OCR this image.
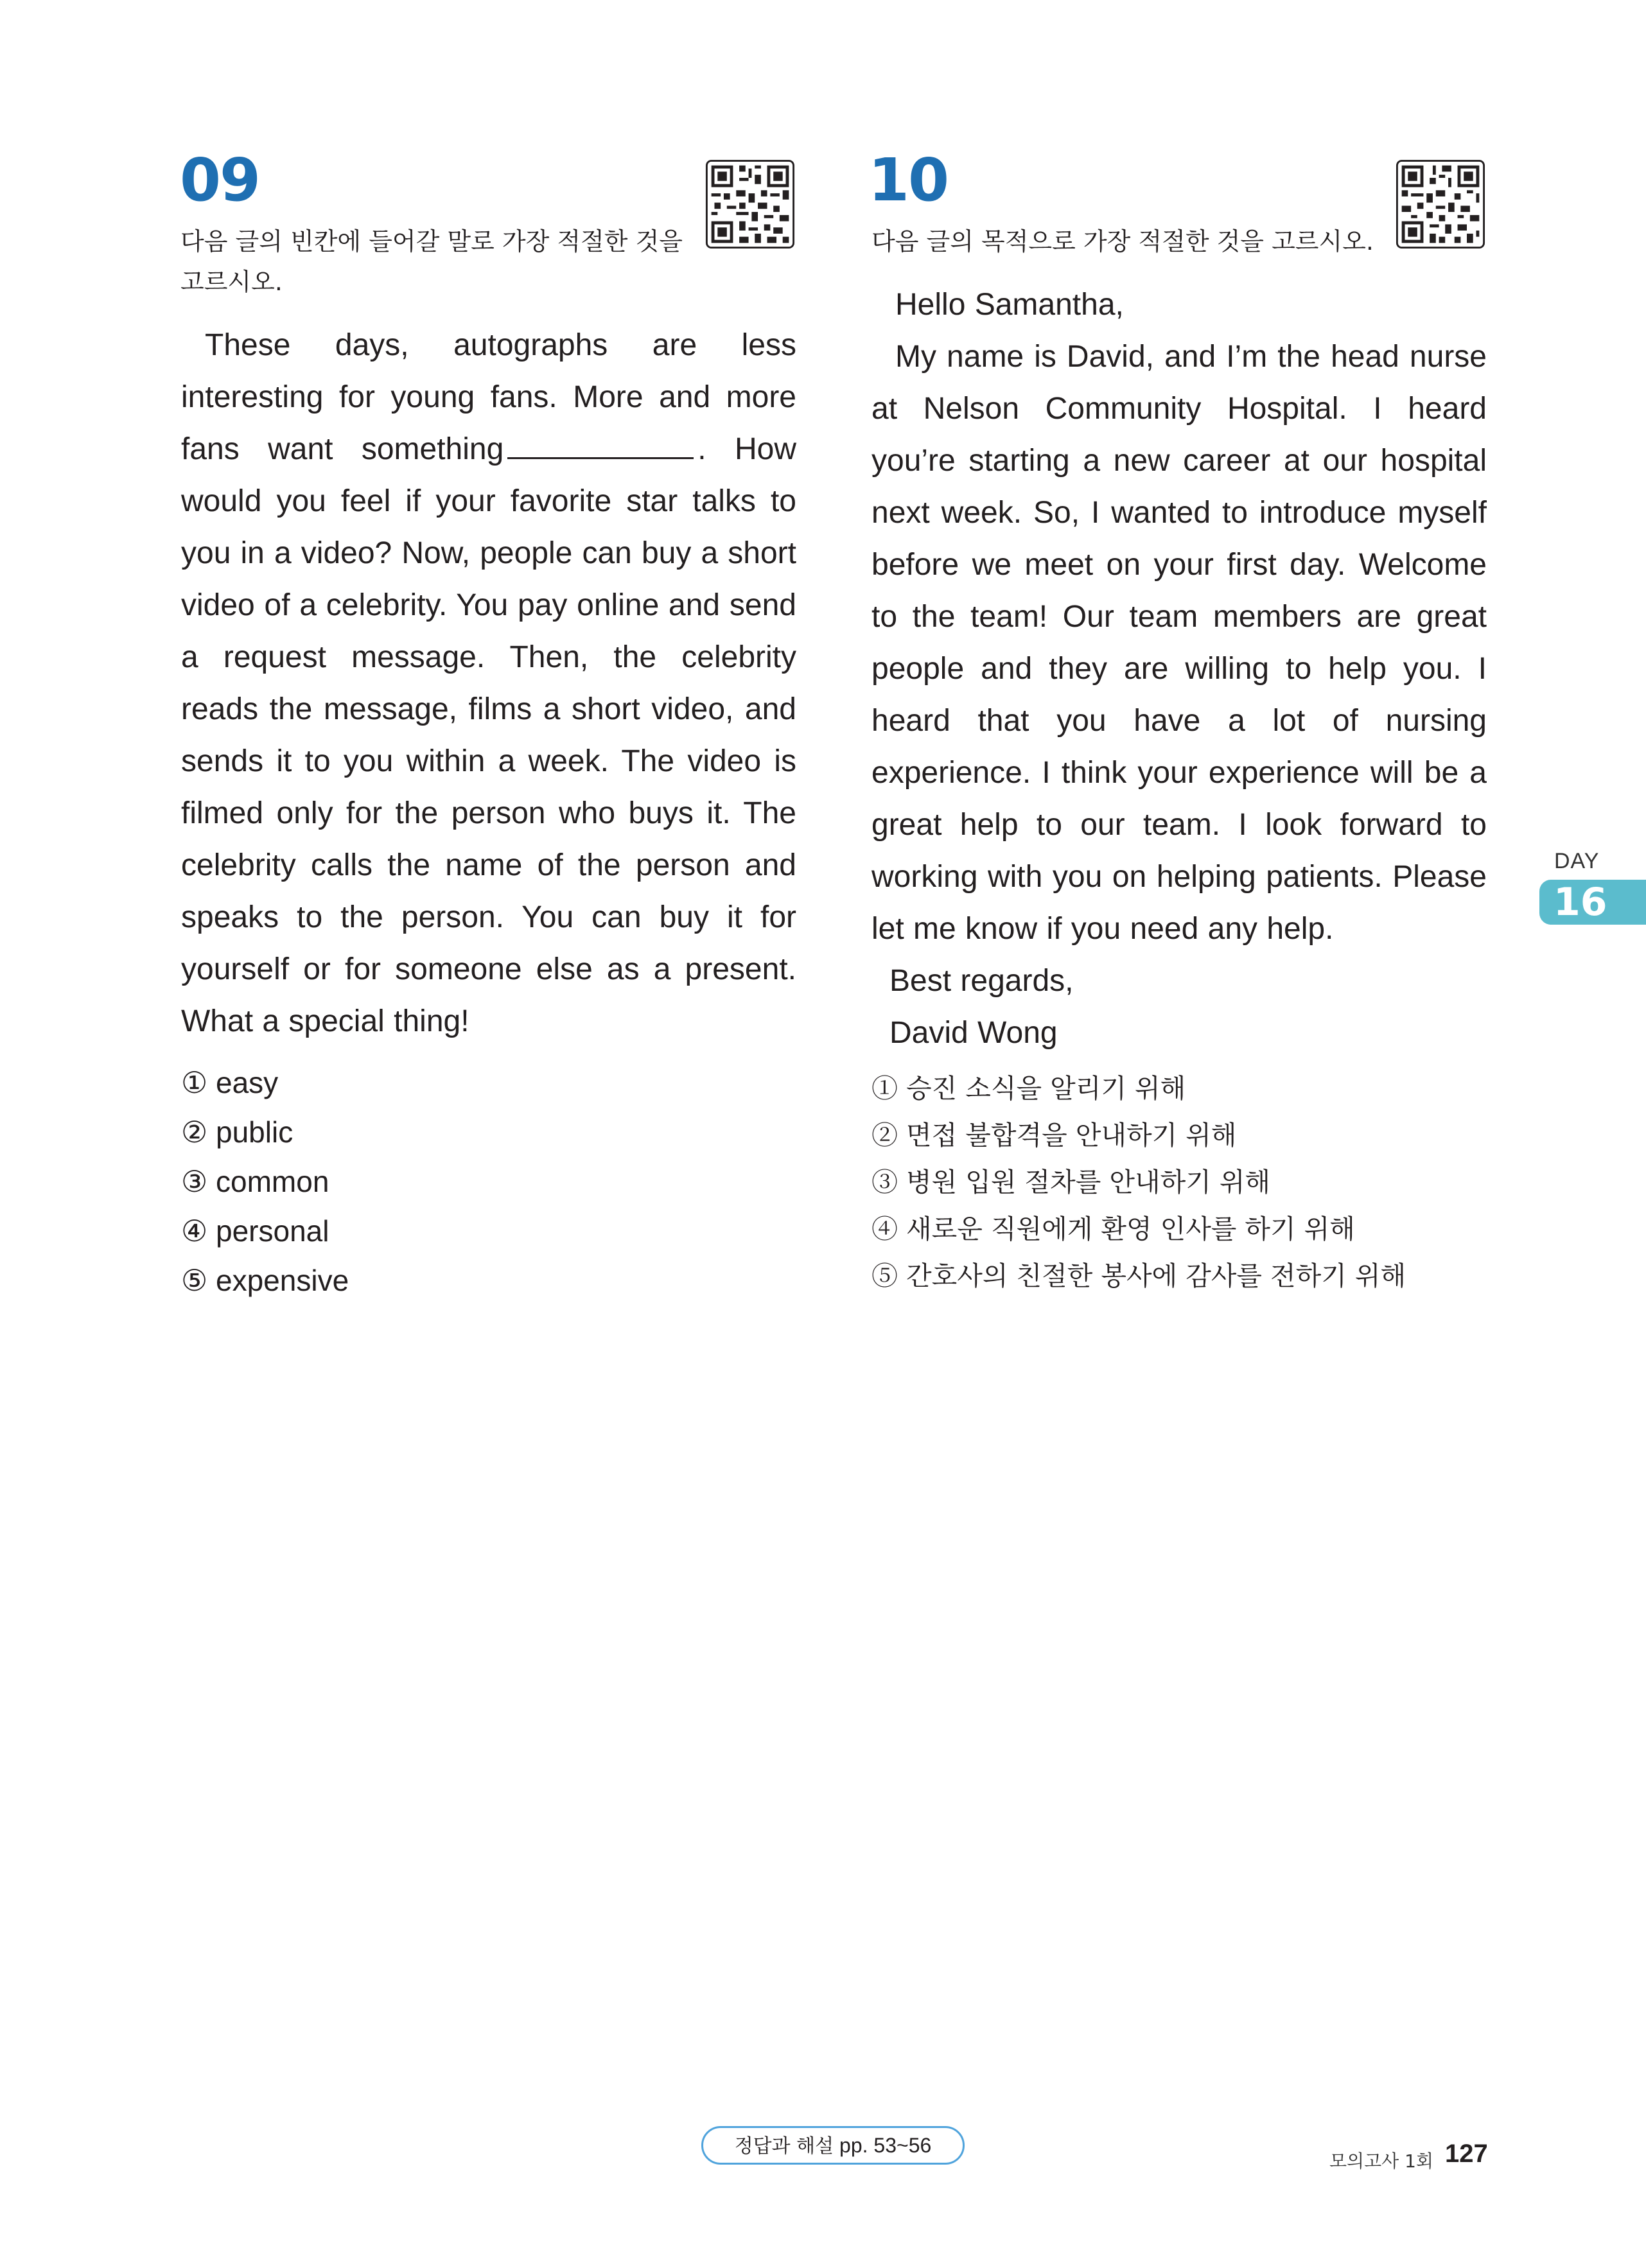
09
다음 글의 빈칸에 들어갈 말로 가장 적절한 것을
고르시오.

These days, autographs are less interesting for young fans. More and more fans want something	. How would you feel if your favorite star talks to you in a video? Now, people can buy a short video of a celebrity. You pay online and send a request message. Then, the celebrity reads the message, films a short video, and sends it to you within a week. The video is filmed only for the person who buys it. The celebrity calls the name of the person and speaks to the person. You can buy it for yourself or for someone else as a present. What a special thing!

① easy
② public
③ common
④ personal
⑤ expensive
10
다음 글의 목적으로 가장 적절한 것을 고르시오.

Hello Samantha,

My name is David, and I’m the head nurse at Nelson Community Hospital. I heard you’re starting a new career at our hospital next week. So, I wanted to introduce myself before we meet on your first day. Welcome to the team! Our team members are great people and they are willing to help you. I heard that you have a lot of nursing experience. I think your experience will be a great help to our team. I look forward to working with you on helping patients. Please let me know if you need any help.

Best regards,

David Wong

① 승진 소식을 알리기 위해
② 면접 불합격을 안내하기 위해
③ 병원 입원 절차를 안내하기 위해
④ 새로운 직원에게 환영 인사를 하기 위해
⑤ 간호사의 친절한 봉사에 감사를 전하기 위해
DAY
16
정답과 해설 pp. 53~56
모의고사 1회 127
